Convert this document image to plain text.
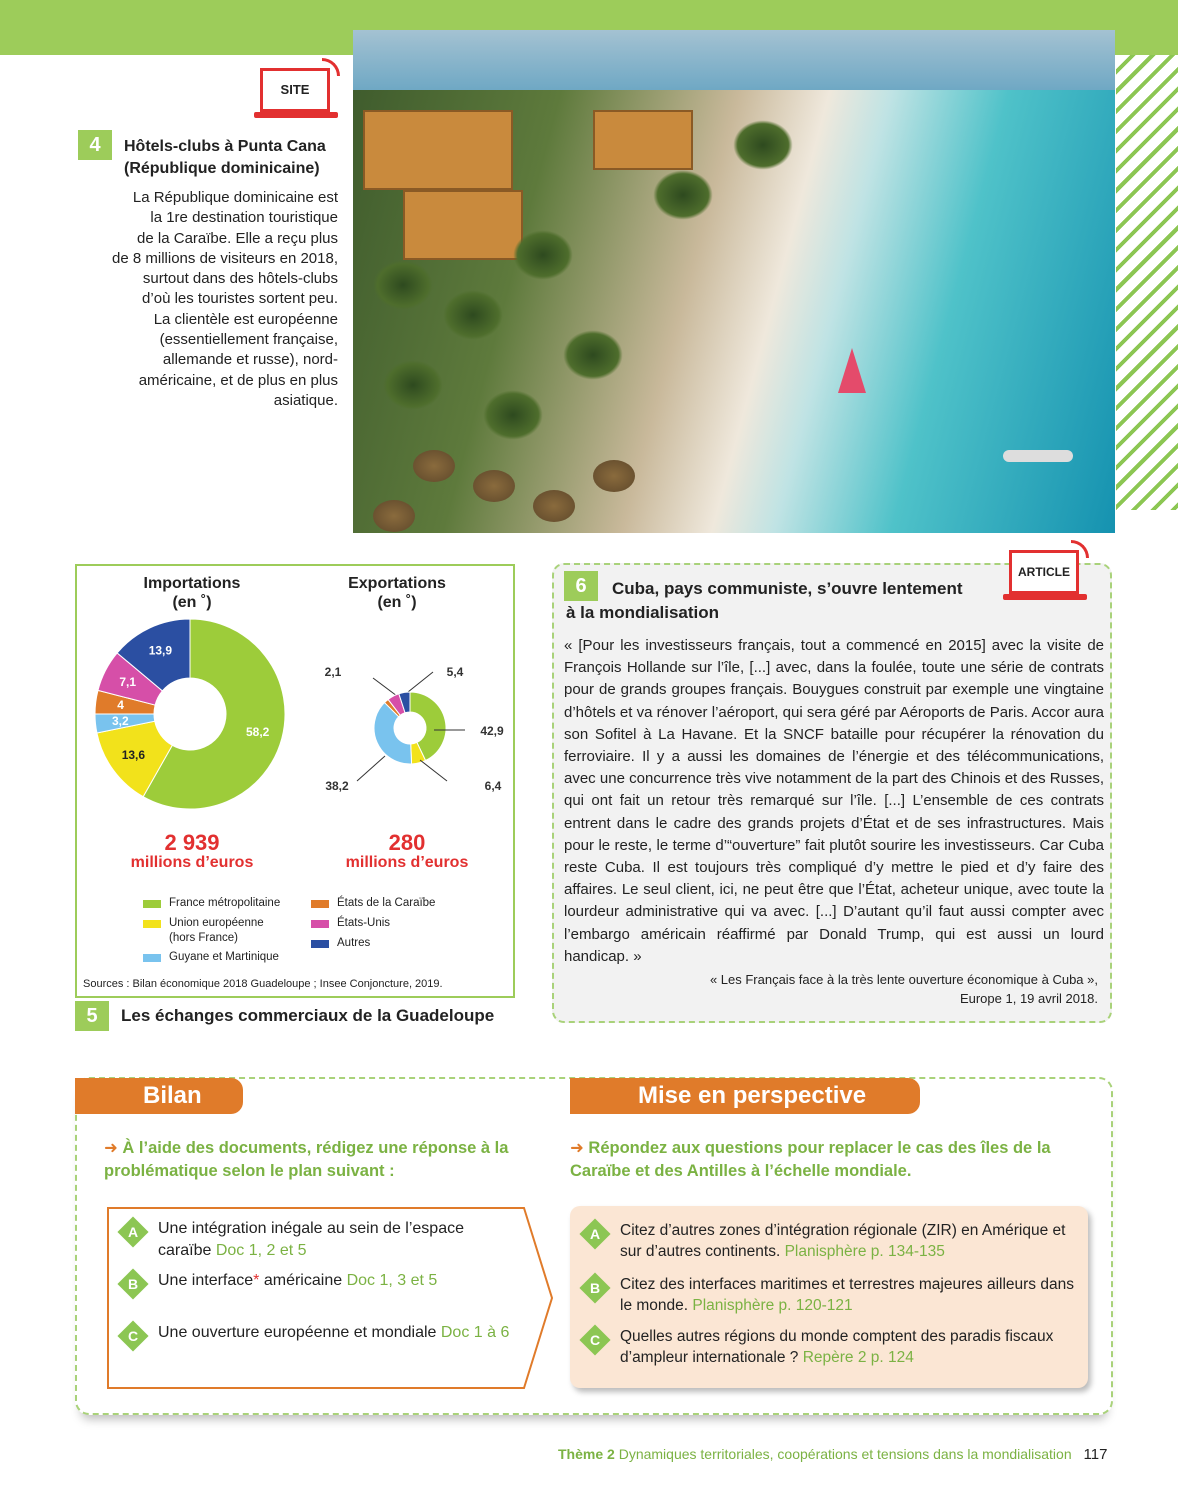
SITE
4 Hôtels-clubs à Punta Cana
(République dominicaine)
La République dominicaine est
la 1re destination touristique
de la Caraïbe. Elle a reçu plus
de 8 millions de visiteurs en 2018,
surtout dans des hôtels-clubs
d’où les touristes sortent peu.
La clientèle est européenne
(essentiellement française,
allemande et russe), nord-
américaine, et de plus en plus
asiatique.
Importations
(en ˚)
Exportations
(en ˚)
58,2
13,6
3,2
4
7,1
13,9
42,9
6,4
38,2
2,1	5,4
2 939
millions d’euros
280
millions d’euros
France métropolitaine
Union européenne
(hors France)
Guyane et Martinique
États de la Caraïbe
États-Unis
Autres
Sources : Bilan économique 2018 Guadeloupe ; Insee Conjoncture, 2019.
5	Les échanges commerciaux de la Guadeloupe
6	Cuba, pays communiste, s’ouvre lentement
à la mondialisation
« [Pour les investisseurs français, tout a commencé en 2015] avec la visite de François Hollande sur l’île, [...] avec, dans la foulée, toute une série de contrats pour de grands groupes français. Bouygues construit par exemple une vingtaine d’hôtels et va rénover l’aéroport, qui sera géré par Aéroports de Paris. Accor aura son Sofitel à La Havane. Et la SNCF bataille pour récupérer la rénovation du ferroviaire. Il y a aussi les domaines de l’énergie et des télécommunications, avec une concurrence très vive notamment de la part des Chinois et des Russes, qui ont fait un retour très remarqué sur l’île. [...] L’ensemble de ces contrats entrent dans le cadre des grands projets d’État et de ses infrastructures. Mais pour le reste, le terme d’“ouverture” fait plutôt sourire les investisseurs. Car Cuba reste Cuba. Il est toujours très compliqué d’y mettre le pied et d’y faire des affaires. Le seul client, ici, ne peut être que l’État, acheteur unique, avec toute la lourdeur administrative qui va avec. [...] D’autant qu’il faut aussi compter avec l’embargo américain réaffirmé par Donald Trump, qui est aussi un lourd handicap. »
« Les Français face à la très lente ouverture économique à Cuba »,
Europe 1, 19 avril 2018.
ARTICLE
Bilan	Mise en perspective
➜ À l’aide des documents, rédigez une réponse à la problématique selon le plan suivant :
➜ Répondez aux questions pour replacer le cas des îles de la Caraïbe et des Antilles à l’échelle mondiale.
A	Une intégration inégale au sein de l’espace caraïbe Doc 1, 2 et 5
B	Une interface* américaine Doc 1, 3 et 5
C	Une ouverture européenne et mondiale Doc 1 à 6
A	Citez d’autres zones d’intégration régionale (ZIR) en Amérique et sur d’autres continents. Planisphère p. 134-135
B	Citez des interfaces maritimes et terrestres majeures ailleurs dans le monde. Planisphère p. 120-121
C	Quelles autres régions du monde comptent des paradis fiscaux d’ampleur internationale ? Repère 2 p. 124
Thème 2 Dynamiques territoriales, coopérations et tensions dans la mondialisation 117
